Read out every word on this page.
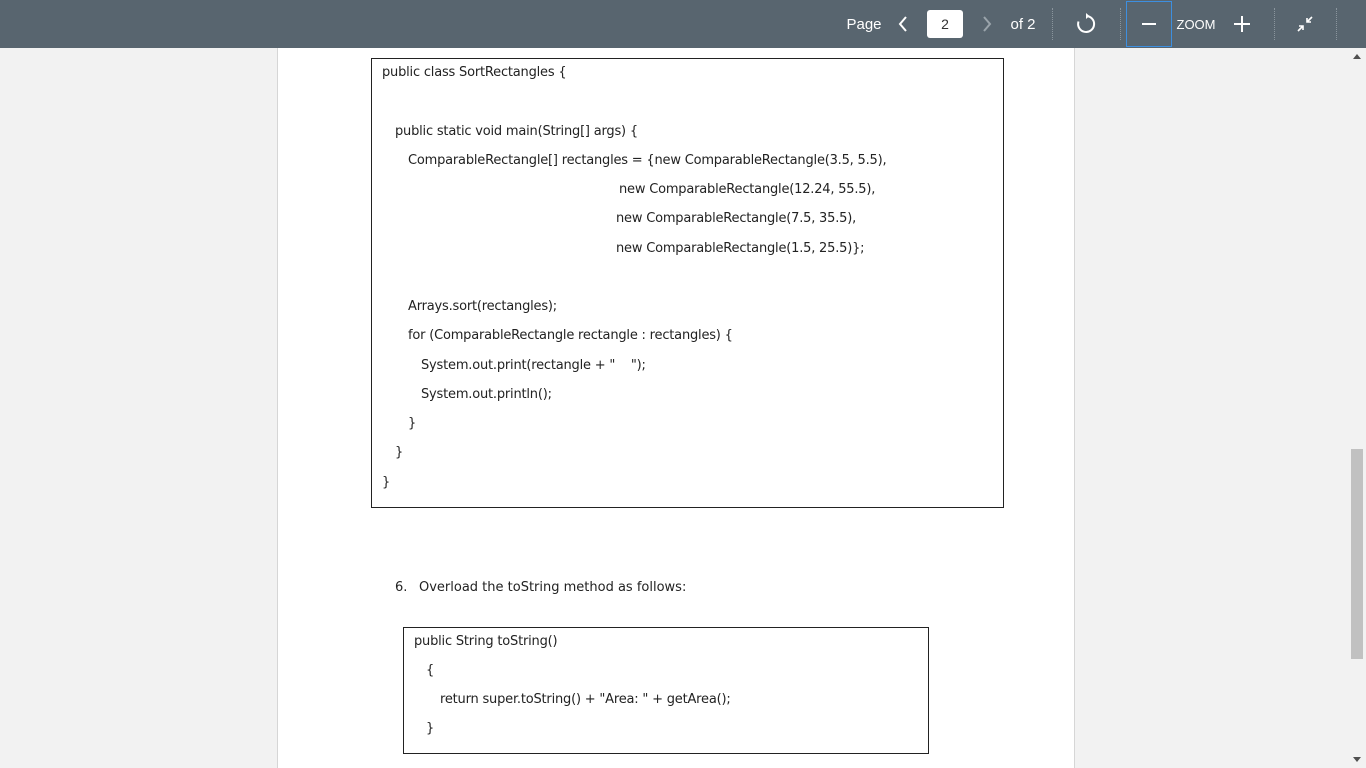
Page
2	of 2	ZOOM
public class SortRectangles {
public static void main(String[] args) {
ComparableRectangle[] rectangles = {new ComparableRectangle(3.5, 5.5),
new ComparableRectangle(12.24, 55.5),
new ComparableRectangle(7.5, 35.5),
new ComparableRectangle(1.5, 25.5)};
Arrays.sort(rectangles);
for (ComparableRectangle rectangle : rectangles) {
System.out.print(rectangle + "    ");
System.out.println();
}
}
}
6. Overload the toString method as follows:
public String toString()
{
return super.toString() + "Area: " + getArea();
}
